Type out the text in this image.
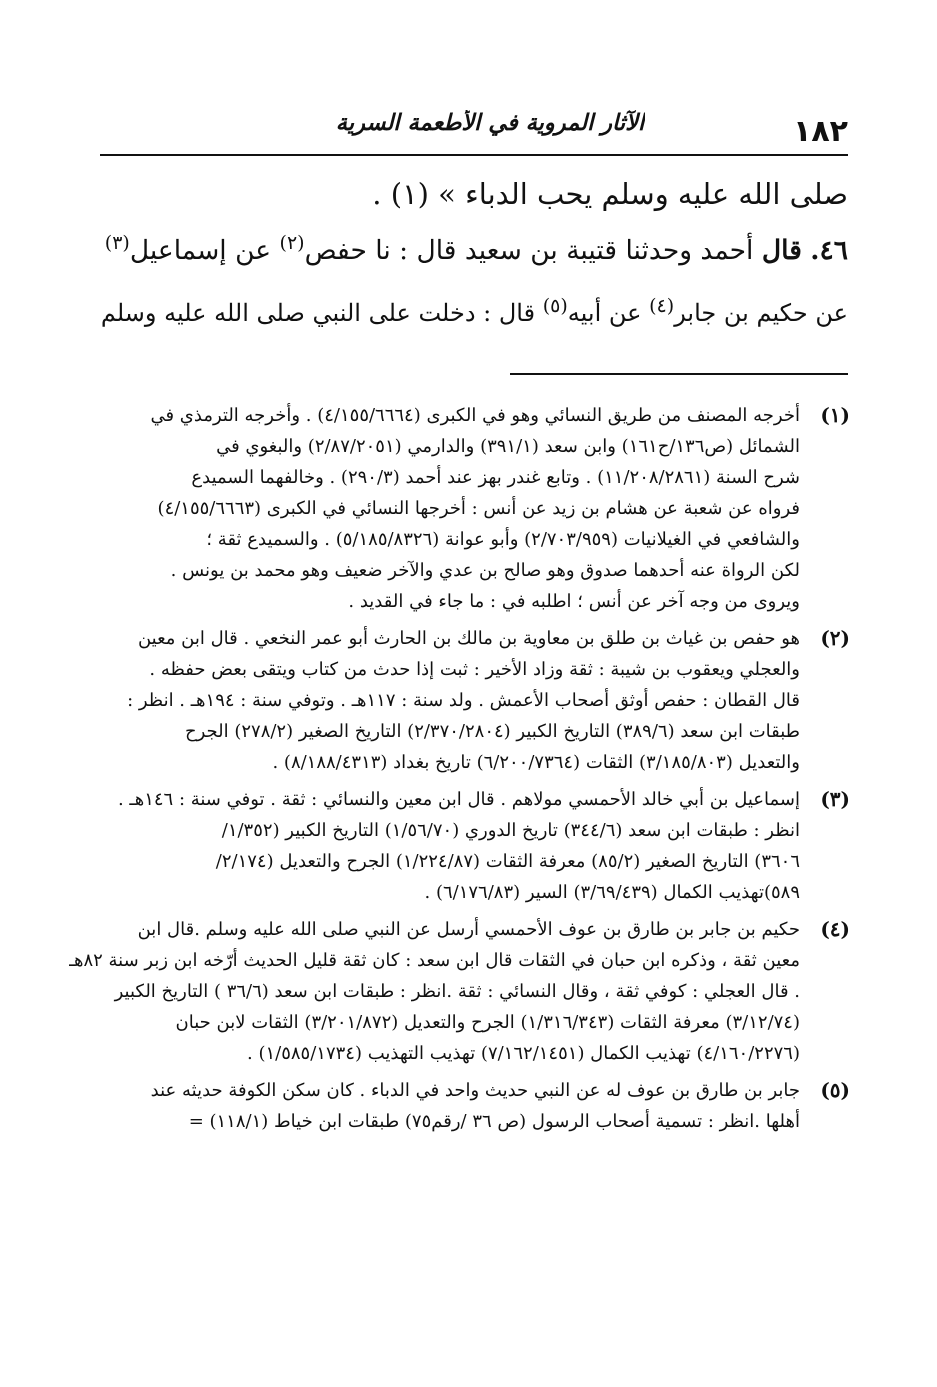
١٨٢
الآثار المروية في الأطعمة السرية
صلى الله عليه وسلم يحب الدباء » (١) .
٤٦. قال أحمد وحدثنا قتيبة بن سعيد قال : نا حفص$^{(٢)}$ عن إسماعيل$^{(٣)}$
عن حكيم بن جابر$^{(٤)}$ عن أبيه$^{(٥)}$ قال : دخلت على النبي صلى الله عليه وسلم
(١)
أخرجه المصنف من طريق النسائي وهو في الكبرى (٤/١٥٥/٦٦٦٤) . وأخرجه الترمذي في
الشمائل (ص١٣٦/ح١٦١) وابن سعد (٣٩١/١) والدارمي (٢/٨٧/٢٠٥١) والبغوي في
شرح السنة (١١/٢٠٨/٢٨٦١) . وتابع غندر بهز عند أحمد (٢٩٠/٣) . وخالفهما السميدع
فرواه عن شعبة عن هشام بن زيد عن أنس : أخرجها النسائي في الكبرى (٤/١٥٥/٦٦٦٣)
والشافعي في الغيلانيات (٢/٧٠٣/٩٥٩) وأبو عوانة (٥/١٨٥/٨٣٢٦) . والسميدع ثقة ؛
لكن الرواة عنه أحدهما صدوق وهو صالح بن عدي والآخر ضعيف وهو محمد بن يونس .
ويروى من وجه آخر عن أنس ؛ اطلبه في : ما جاء في القديد .
(٢)
هو حفص بن غياث بن طلق بن معاوية بن مالك بن الحارث أبو عمر النخعي . قال ابن معين
والعجلي ويعقوب بن شيبة : ثقة وزاد الأخير : ثبت إذا حدث من كتاب ويتقى بعض حفظه .
قال القطان : حفص أوثق أصحاب الأعمش . ولد سنة : ١١٧هـ . وتوفي سنة : ١٩٤هـ . انظر :
طبقات ابن سعد (٣٨٩/٦) التاريخ الكبير (٢/٣٧٠/٢٨٠٤) التاريخ الصغير (٢٧٨/٢) الجرح
والتعديل (٣/١٨٥/٨٠٣) الثقات (٦/٢٠٠/٧٣٦٤) تاريخ بغداد (٨/١٨٨/٤٣١٣) .
(٣)
إسماعيل بن أبي خالد الأحمسي مولاهم . قال ابن معين والنسائي : ثقة . توفي سنة : ١٤٦هـ .
انظر : طبقات ابن سعد (٣٤٤/٦) تاريخ الدوري (١/٥٦/٧٠) التاريخ الكبير (١/٣٥٢/
٣٦٠٦) التاريخ الصغير (٨٥/٢) معرفة الثقات (١/٢٢٤/٨٧) الجرح والتعديل (٢/١٧٤/
٥٨٩)تهذيب الكمال (٣/٦٩/٤٣٩) السير (٦/١٧٦/٨٣) .
(٤)
حكيم بن جابر بن طارق بن عوف الأحمسي أرسل عن النبي صلى الله عليه وسلم .قال ابن
معين ثقة ، وذكره ابن حبان في الثقات قال ابن سعد : كان ثقة قليل الحديث أرّخه ابن زبر سنة ٨٢هـ
. قال العجلي : كوفي ثقة ، وقال النسائي : ثقة .انظر : طبقات ابن سعد (٣٦/٦ ) التاريخ الكبير
(٣/١٢/٧٤) معرفة الثقات (١/٣١٦/٣٤٣) الجرح والتعديل (٣/٢٠١/٨٧٢) الثقات لابن حبان
(٤/١٦٠/٢٢٧٦) تهذيب الكمال (٧/١٦٢/١٤٥١) تهذيب التهذيب (١/٥٨٥/١٧٣٤) .
(٥)
جابر بن طارق بن عوف له عن النبي حديث واحد في الدباء . كان سكن الكوفة حديثه عند
أهلها .انظر : تسمية أصحاب الرسول (ص ٣٦ /رقم٧٥) طبقات ابن خياط (١١٨/١) =
